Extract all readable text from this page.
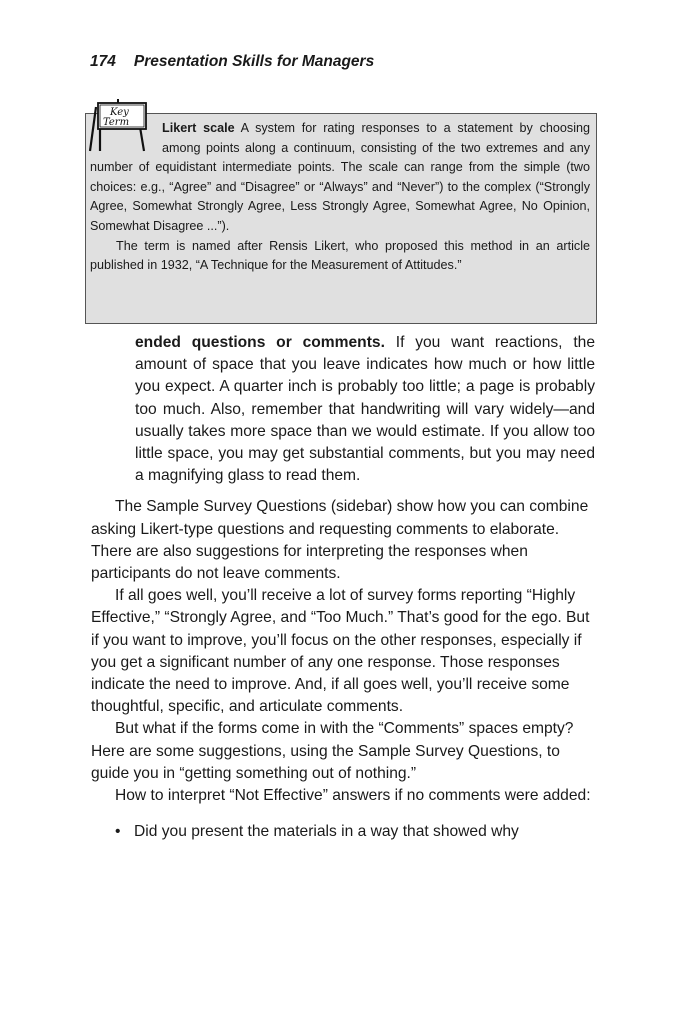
174 Presentation Skills for Managers
Key
Term	Likert scale A system for rating responses to a statement by choosing among points along a continuum, consisting of the two extremes and any number of equidistant intermediate points. The scale can range from the simple (two choices: e.g., “Agree” and “Disagree” or “Always” and “Never”) to the complex (“Strongly Agree, Somewhat Strongly Agree, Less Strongly Agree, Somewhat Agree, No Opinion, Somewhat Disagree ...”).

The term is named after Rensis Likert, who proposed this method in an article published in 1932, “A Technique for the Measurement of Attitudes.”

ended questions or comments. If you want reactions, the amount of space that you leave indicates how much or how little you expect. A quarter inch is probably too little; a page is probably too much. Also, remember that handwriting will vary widely—and usually takes more space than we would estimate. If you allow too little space, you may get substantial comments, but you may need a magnifying glass to read them.

The Sample Survey Questions (sidebar) show how you can combine asking Likert-type questions and requesting comments to elaborate. There are also suggestions for interpreting the responses when participants do not leave comments.

If all goes well, you’ll receive a lot of survey forms reporting “Highly Effective,” “Strongly Agree, and “Too Much.” That’s good for the ego. But if you want to improve, you’ll focus on the other responses, especially if you get a significant number of any one response. Those responses indicate the need to improve. And, if all goes well, you’ll receive some thoughtful, specific, and articulate comments.

But what if the forms come in with the “Comments” spaces empty? Here are some suggestions, using the Sample Survey Questions, to guide you in “getting something out of nothing.”

How to interpret “Not Effective” answers if no comments were added:

• Did you present the materials in a way that showed why
